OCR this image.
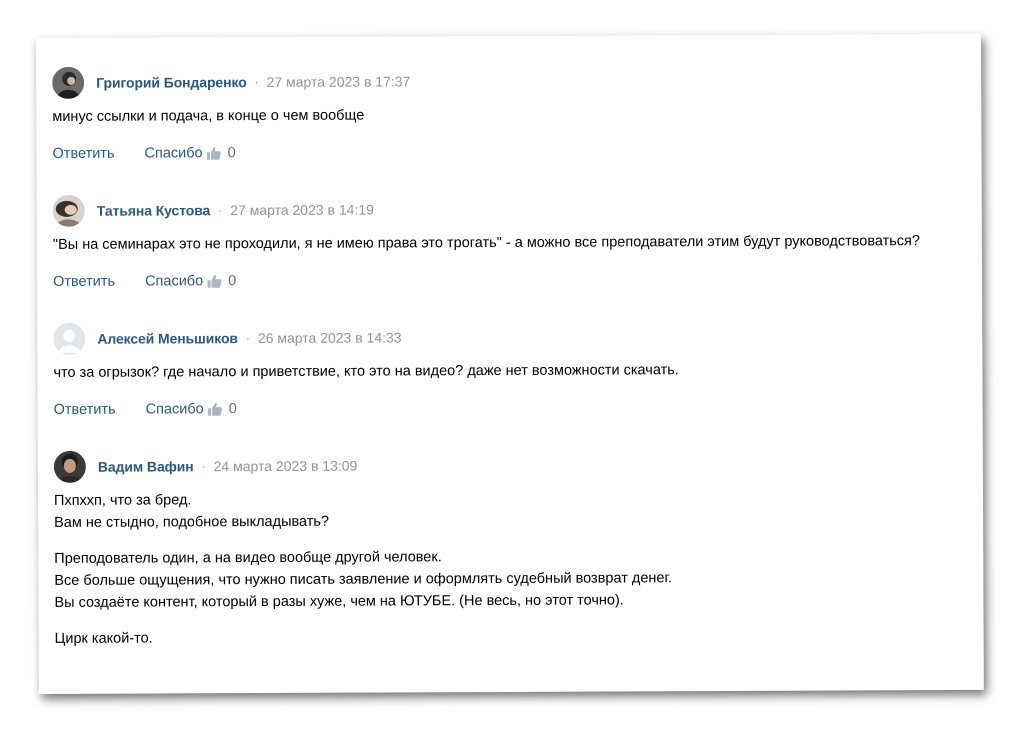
Григорий Бондаренко · 27 марта 2023 в 17:37

минус ссылки и подача, в конце о чем вообще

Ответить Спасибо 0
Татьяна Кустова · 27 марта 2023 в 14:19

"Вы на семинарах это не проходили, я не имею права это трогать" - а можно все преподаватели этим будут руководствоваться?

Ответить Спасибо 0
Алексей Меньшиков · 26 марта 2023 в 14:33

что за огрызок? где начало и приветствие, кто это на видео? даже нет возможности скачать.

Ответить Спасибо 0
Вадим Вафин · 24 марта 2023 в 13:09

Пхпххп, что за бред.

Вам не стыдно, подобное выкладывать?

Преподователь один, а на видео вообще другой человек.

Все больше ощущения, что нужно писать заявление и оформлять судебный возврат денег.

Вы создаёте контент, который в разы хуже, чем на ЮТУБЕ. (Не весь, но этот точно).

Цирк какой-то.
